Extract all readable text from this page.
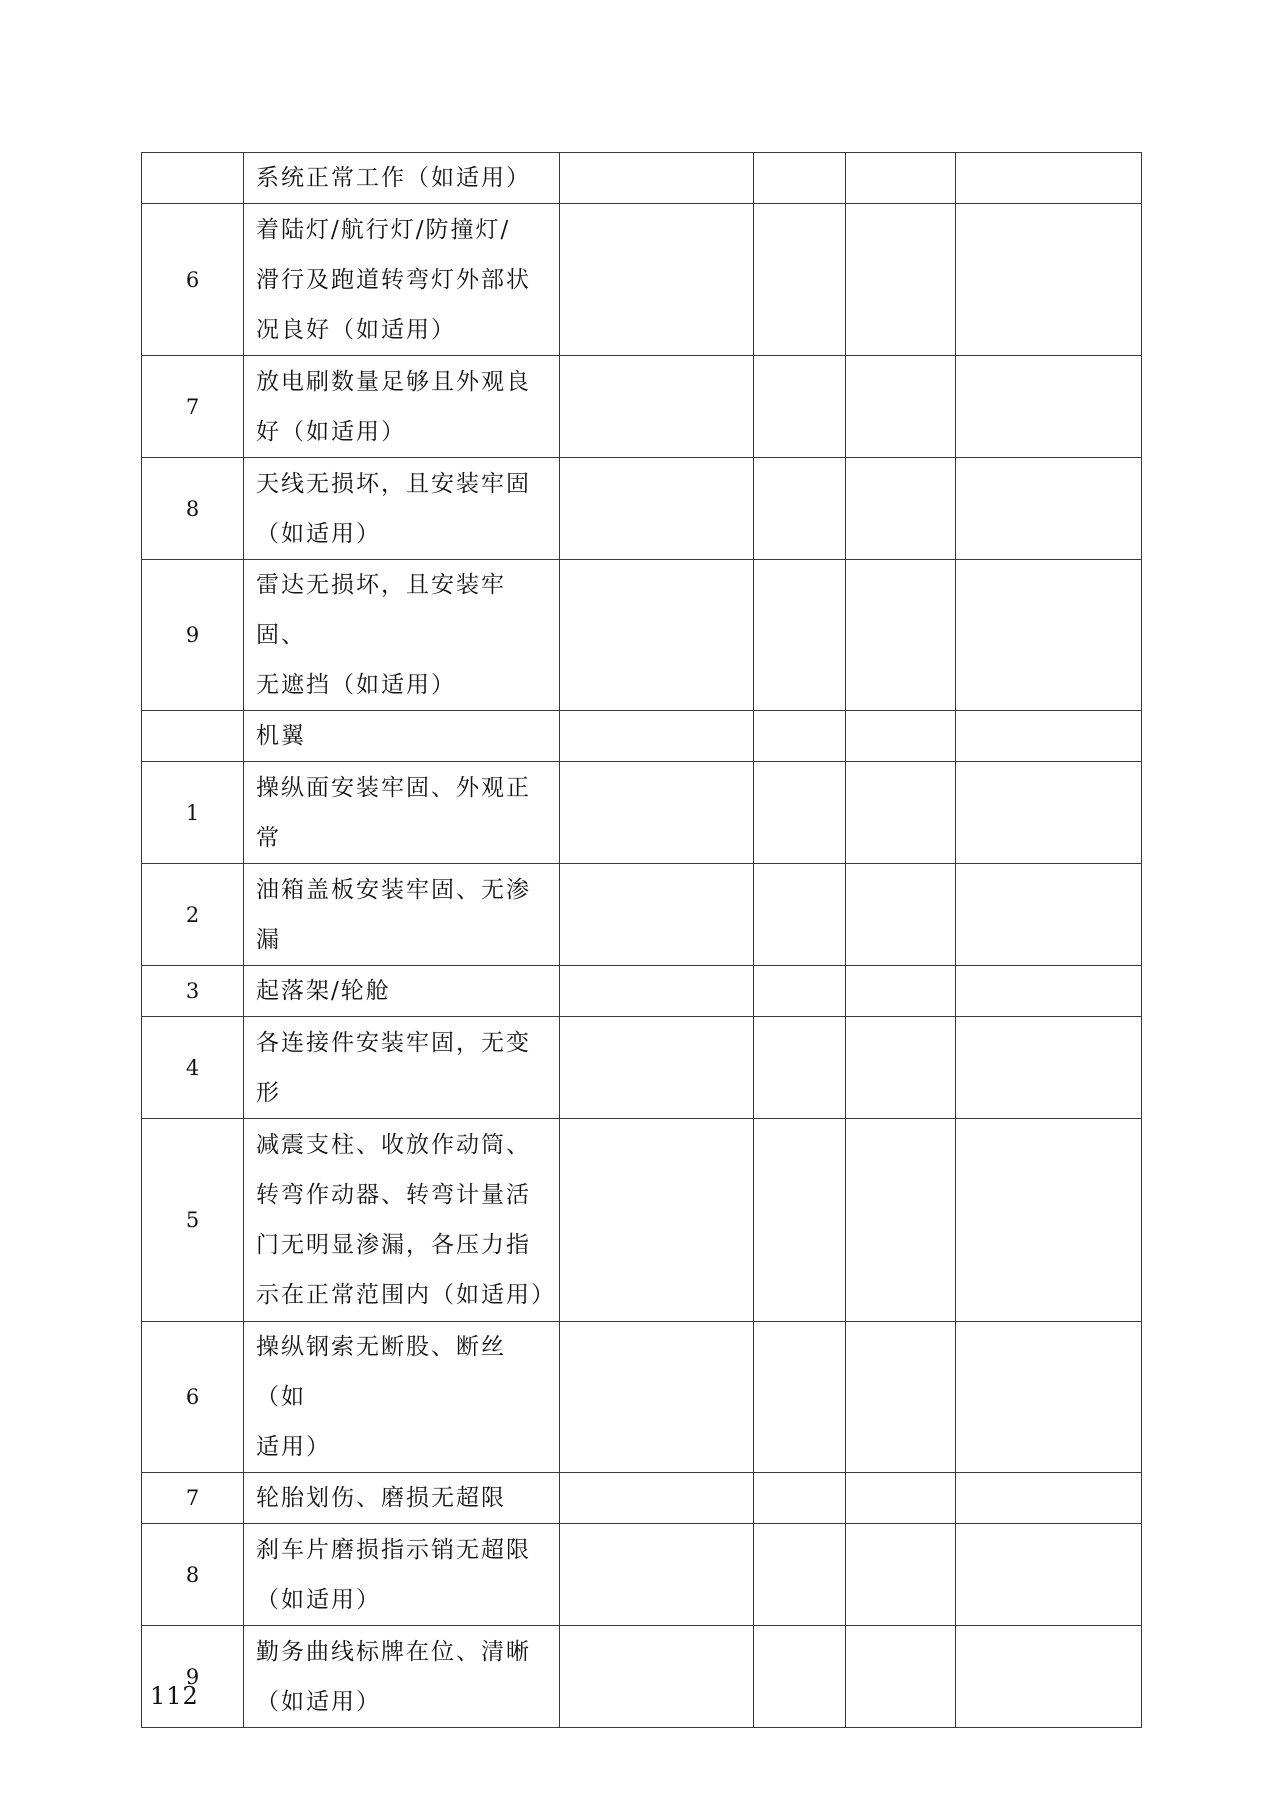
	系统正常工作（如适用）				
6	着陆灯/航行灯/防撞灯/
滑行及跑道转弯灯外部状
况良好（如适用）				
7	放电刷数量足够且外观良
好（如适用）				
8	天线无损坏，且安装牢固
（如适用）				
9	雷达无损坏，且安装牢固、
无遮挡（如适用）				
	机翼				
1	操纵面安装牢固、外观正
常				
2	油箱盖板安装牢固、无渗
漏				
3	起落架/轮舱				
4	各连接件安装牢固，无变
形				
5	减震支柱、收放作动筒、
转弯作动器、转弯计量活
门无明显渗漏，各压力指
示在正常范围内（如适用）				
6	操纵钢索无断股、断丝（如
适用）				
7	轮胎划伤、磨损无超限				
8	刹车片磨损指示销无超限
（如适用）				
9	勤务曲线标牌在位、清晰
（如适用）				
112
